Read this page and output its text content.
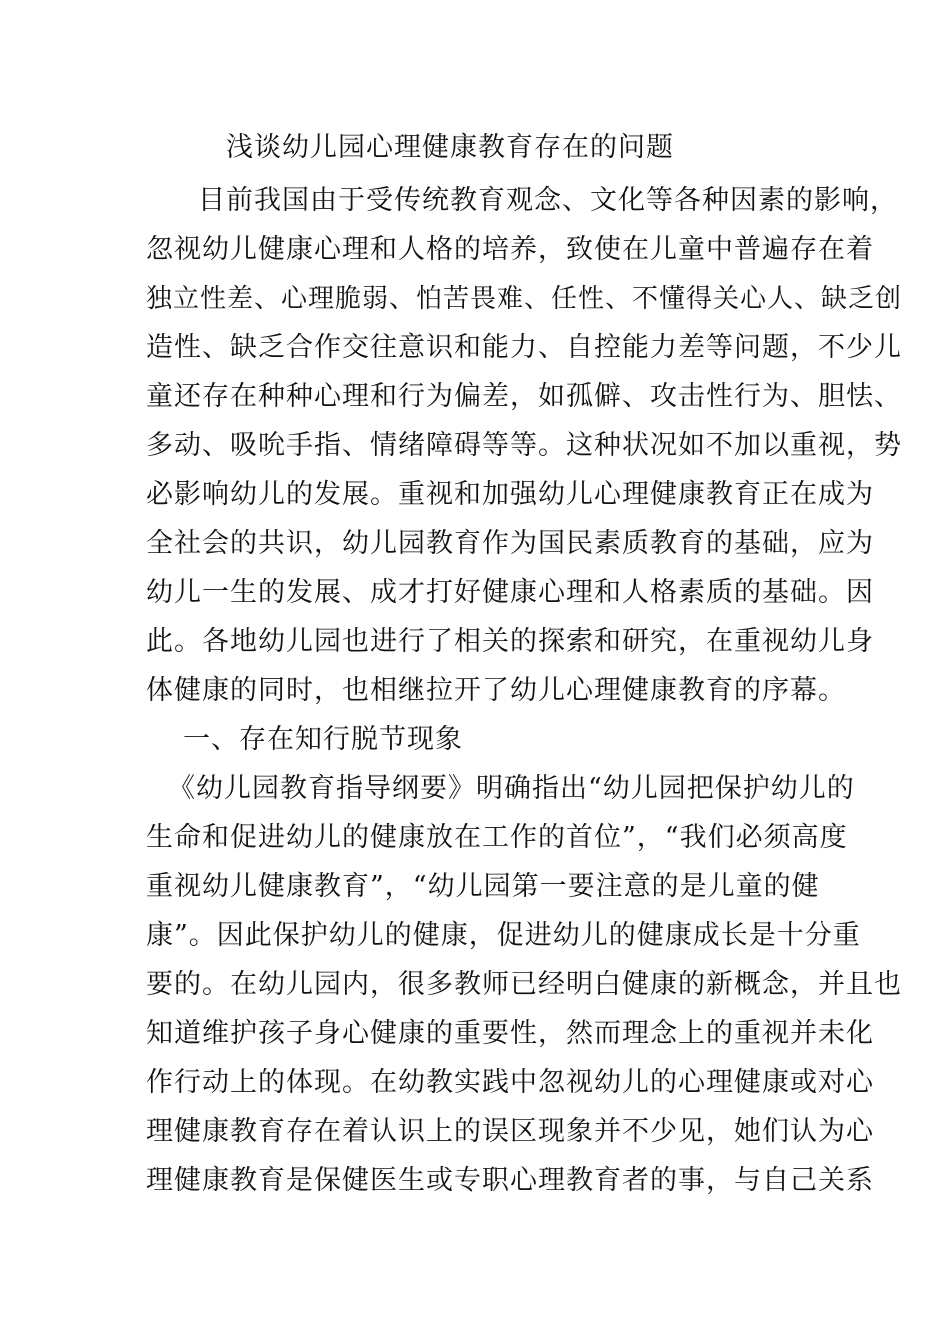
浅谈幼儿园心理健康教育存在的问题
目前我国由于受传统教育观念、文化等各种因素的影响，
忽视幼儿健康心理和人格的培养，致使在儿童中普遍存在着
独立性差、心理脆弱、怕苦畏难、任性、不懂得关心人、缺乏创
造性、缺乏合作交往意识和能力、自控能力差等问题，不少儿
童还存在种种心理和行为偏差，如孤僻、攻击性行为、胆怯、
多动、吸吮手指、情绪障碍等等。这种状况如不加以重视，势
必影响幼儿的发展。重视和加强幼儿心理健康教育正在成为
全社会的共识，幼儿园教育作为国民素质教育的基础，应为
幼儿一生的发展、成才打好健康心理和人格素质的基础。因
此。各地幼儿园也进行了相关的探索和研究，在重视幼儿身
体健康的同时，也相继拉开了幼儿心理健康教育的序幕。
一、存在知行脱节现象
《幼儿园教育指导纲要》明确指出“幼儿园把保护幼儿的
生命和促进幼儿的健康放在工作的首位”，“我们必须高度
重视幼儿健康教育”，“幼儿园第一要注意的是儿童的健
康”。因此保护幼儿的健康，促进幼儿的健康成长是十分重
要的。在幼儿园内，很多教师已经明白健康的新概念，并且也
知道维护孩子身心健康的重要性，然而理念上的重视并未化
作行动上的体现。在幼教实践中忽视幼儿的心理健康或对心
理健康教育存在着认识上的误区现象并不少见，她们认为心
理健康教育是保健医生或专职心理教育者的事，与自己关系
